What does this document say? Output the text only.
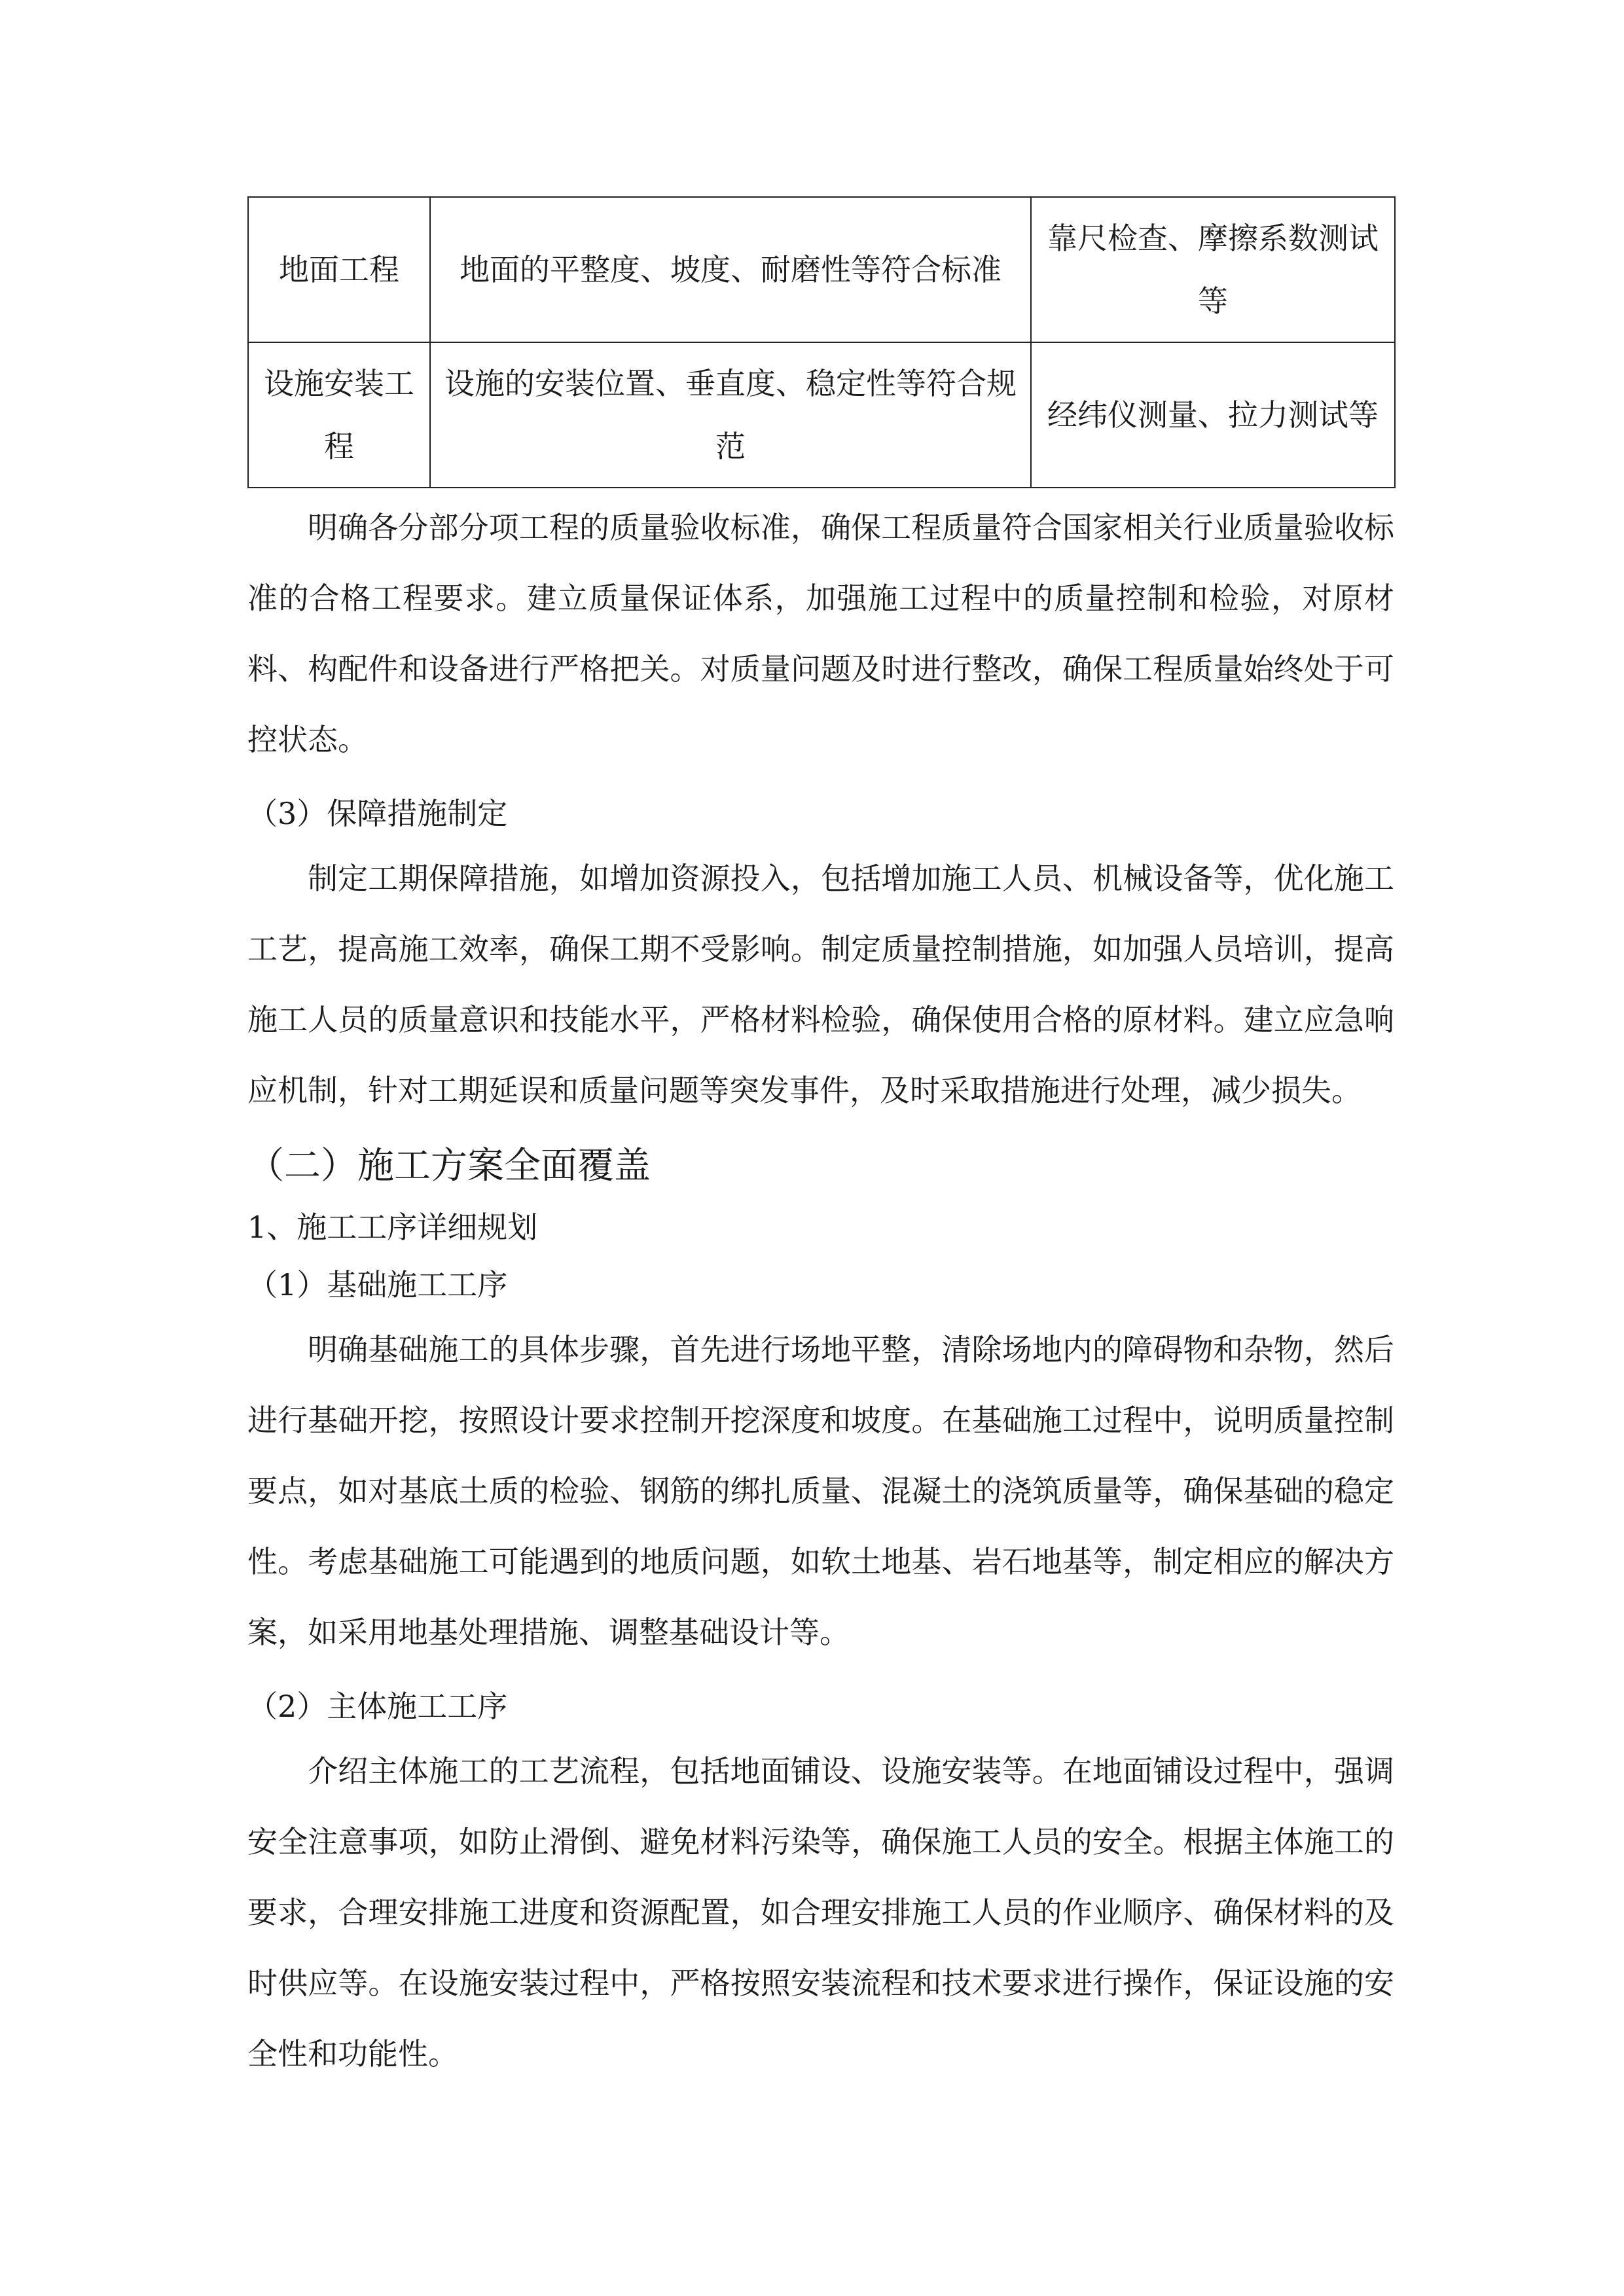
地面工程	地面的平整度、坡度、耐磨性等符合标准	靠尺检查、摩擦系数测试等
设施安装工程	设施的安装位置、垂直度、稳定性等符合规范	经纬仪测量、拉力测试等

明确各分部分项工程的质量验收标准，确保工程质量符合国家相关行业质量验收标准的合格工程要求。建立质量保证体系，加强施工过程中的质量控制和检验，对原材料、构配件和设备进行严格把关。对质量问题及时进行整改，确保工程质量始终处于可控状态。

（3）保障措施制定

制定工期保障措施，如增加资源投入，包括增加施工人员、机械设备等，优化施工工艺，提高施工效率，确保工期不受影响。制定质量控制措施，如加强人员培训，提高施工人员的质量意识和技能水平，严格材料检验，确保使用合格的原材料。建立应急响应机制，针对工期延误和质量问题等突发事件，及时采取措施进行处理，减少损失。

（二）施工方案全面覆盖
1、施工工序详细规划
（1）基础施工工序

明确基础施工的具体步骤，首先进行场地平整，清除场地内的障碍物和杂物，然后进行基础开挖，按照设计要求控制开挖深度和坡度。在基础施工过程中，说明质量控制要点，如对基底土质的检验、钢筋的绑扎质量、混凝土的浇筑质量等，确保基础的稳定性。考虑基础施工可能遇到的地质问题，如软土地基、岩石地基等，制定相应的解决方案，如采用地基处理措施、调整基础设计等。

（2）主体施工工序

介绍主体施工的工艺流程，包括地面铺设、设施安装等。在地面铺设过程中，强调安全注意事项，如防止滑倒、避免材料污染等，确保施工人员的安全。根据主体施工的要求，合理安排施工进度和资源配置，如合理安排施工人员的作业顺序、确保材料的及时供应等。在设施安装过程中，严格按照安装流程和技术要求进行操作，保证设施的安全性和功能性。
